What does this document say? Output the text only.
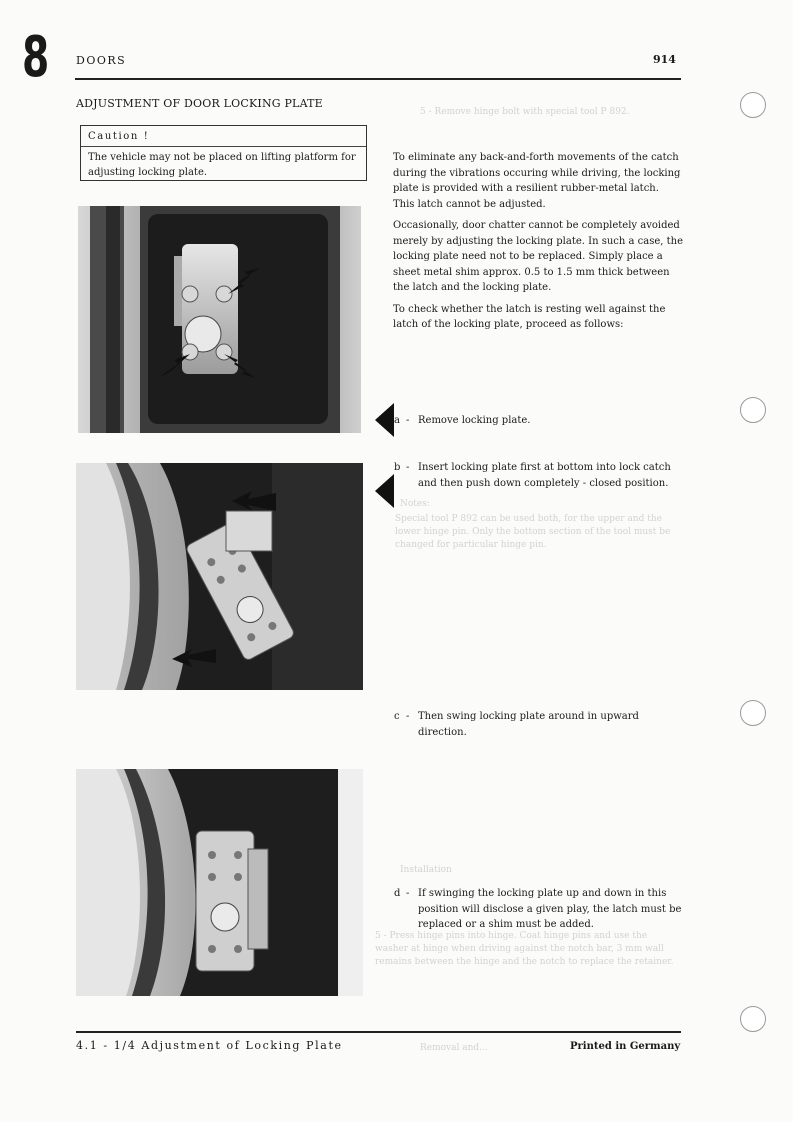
8	DOORS	914
ADJUSTMENT OF DOOR LOCKING PLATE
5 - Remove hinge bolt with special tool P 892.
Notes:
Special tool P 892 can be used both, for the upper and the lower hinge pin. Only the bottom section of the tool must be changed for particular hinge pin.
Installation
5 - Press hinge pins into hinge. Coat hinge pins and use the washer at hinge when driving against the notch bar, 3 mm wall remains between the hinge and the notch to replace the retainer.
Removal and...
Caution !
The vehicle may not be placed on lifting platform for adjusting locking plate.

To eliminate any back-and-forth movements of the catch during the vibrations occuring while driving, the locking plate is provided with a resilient rubber-metal latch. This latch cannot be adjusted.

Occasionally, door chatter cannot be completely avoided merely by adjusting the locking plate. In such a case, the locking plate need not to be replaced. Simply place a sheet metal shim approx. 0.5 to 1.5 mm thick between the latch and the locking plate.

To check whether the latch is resting well against the latch of the locking plate, proceed as follows:

a - Remove locking plate.
b - Insert locking plate first at bottom into lock catch and then push down completely - closed position.
c - Then swing locking plate around in upward direction.
d - If swinging the locking plate up and down in this position will disclose a given play, the latch must be replaced or a shim must be added.
4.1 - 1/4 Adjustment of Locking Plate	Printed in Germany
